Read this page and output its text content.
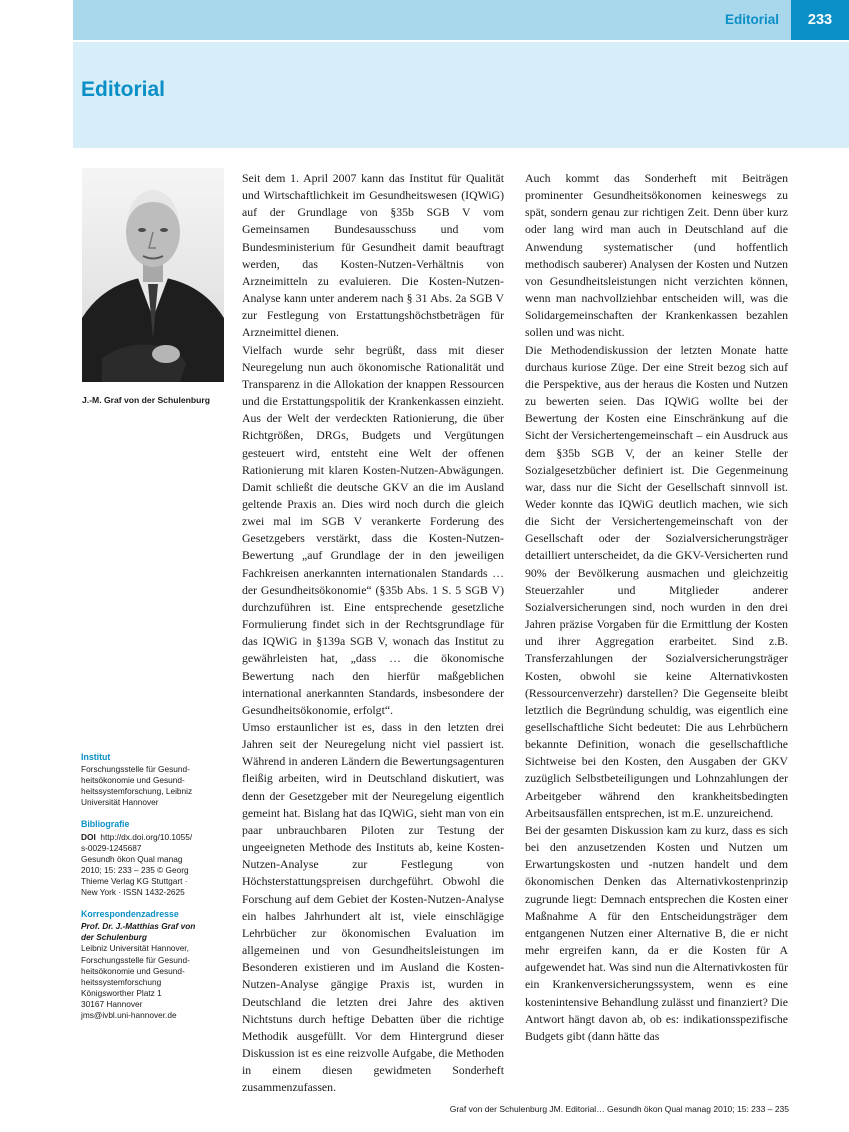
Editorial	233
Editorial
J.-M. Graf von der Schulenburg
Institut
Forschungsstelle für Gesund-
heitsökonomie und Gesund-
heitssystemforschung, Leibniz
Universität Hannover
Bibliografie
DOI http://dx.doi.org/10.1055/
s-0029-1245687
Gesundh ökon Qual manag
2010; 15: 233 – 235 © Georg
Thieme Verlag KG Stuttgart ·
New York · ISSN 1432-2625
Korrespondenzadresse
Prof. Dr. J.-Matthias Graf von
der Schulenburg
Leibniz Universität Hannover,
Forschungsstelle für Gesund-
heitsökonomie und Gesund-
heitssystemforschung
Königsworther Platz 1
30167 Hannover
jms@ivbl.uni-hannover.de

Seit dem 1. April 2007 kann das Institut für Qualität und Wirtschaftlichkeit im Gesundheitswesen (IQWiG) auf der Grundlage von §35b SGB V vom Gemeinsamen Bundesausschuss und vom Bundesministerium für Gesundheit damit beauftragt werden, das Kosten-Nutzen-Verhältnis von Arzneimitteln zu evaluieren. Die Kosten-Nutzen-Analyse kann unter anderem nach § 31 Abs. 2a SGB V zur Festlegung von Erstattungshöchstbeträgen für Arzneimittel dienen.

Vielfach wurde sehr begrüßt, dass mit dieser Neuregelung nun auch ökonomische Rationalität und Transparenz in die Allokation der knappen Ressourcen und die Erstattungspolitik der Krankenkassen einzieht. Aus der Welt der verdeckten Rationierung, die über Richtgrößen, DRGs, Budgets und Vergütungen gesteuert wird, entsteht eine Welt der offenen Rationierung mit klaren Kosten-Nutzen-Abwägungen. Damit schließt die deutsche GKV an die im Ausland geltende Praxis an. Dies wird noch durch die gleich zwei mal im SGB V verankerte Forderung des Gesetzgebers verstärkt, dass die Kosten-Nutzen-Bewertung „auf Grundlage der in den jeweiligen Fachkreisen anerkannten internationalen Standards … der Gesundheitsökonomie“ (§35b Abs. 1 S. 5 SGB V) durchzuführen ist. Eine entsprechende gesetzliche Formulierung findet sich in der Rechtsgrundlage für das IQWiG in §139a SGB V, wonach das Institut zu gewährleisten hat, „dass … die ökonomische Bewertung nach den hierfür maßgeblichen international anerkannten Standards, insbesondere der Gesundheitsökonomie, erfolgt“.

Umso erstaunlicher ist es, dass in den letzten drei Jahren seit der Neuregelung nicht viel passiert ist. Während in anderen Ländern die Bewertungsagenturen fleißig arbeiten, wird in Deutschland diskutiert, was denn der Gesetzgeber mit der Neuregelung eigentlich gemeint hat. Bislang hat das IQWiG, sieht man von ein paar unbrauchbaren Piloten zur Testung der ungeeigneten Methode des Instituts ab, keine Kosten-Nutzen-Analyse zur Festlegung von Höchsterstattungspreisen durchgeführt. Obwohl die Forschung auf dem Gebiet der Kosten-Nutzen-Analyse ein halbes Jahrhundert alt ist, viele einschlägige Lehrbücher zur ökonomischen Evaluation im allgemeinen und von Gesundheitsleistungen im Besonderen existieren und im Ausland die Kosten-Nutzen-Analyse gängige Praxis ist, wurden in Deutschland die letzten drei Jahre des aktiven Nichtstuns durch heftige Debatten über die richtige Methodik ausgefüllt. Vor dem Hintergrund dieser Diskussion ist es eine reizvolle Aufgabe, die Methoden in einem diesen gewidmeten Sonderheft zusammenzufassen.

Auch kommt das Sonderheft mit Beiträgen prominenter Gesundheitsökonomen keineswegs zu spät, sondern genau zur richtigen Zeit. Denn über kurz oder lang wird man auch in Deutschland auf die Anwendung systematischer (und hoffentlich methodisch sauberer) Analysen der Kosten und Nutzen von Gesundheitsleistungen nicht verzichten können, wenn man nachvollziehbar entscheiden will, was die Solidargemeinschaften der Krankenkassen bezahlen sollen und was nicht.

Die Methodendiskussion der letzten Monate hatte durchaus kuriose Züge. Der eine Streit bezog sich auf die Perspektive, aus der heraus die Kosten und Nutzen zu bewerten seien. Das IQWiG wollte bei der Bewertung der Kosten eine Einschränkung auf die Sicht der Versichertengemeinschaft – ein Ausdruck aus dem §35b SGB V, der an keiner Stelle der Sozialgesetzbücher definiert ist. Die Gegenmeinung war, dass nur die Sicht der Gesellschaft sinnvoll ist. Weder konnte das IQWiG deutlich machen, wie sich die Sicht der Versichertengemeinschaft von der Gesellschaft oder der Sozialversicherungsträger detailliert unterscheidet, da die GKV-Versicherten rund 90% der Bevölkerung ausmachen und gleichzeitig Steuerzahler und Mitglieder anderer Sozialversicherungen sind, noch wurden in den drei Jahren präzise Vorgaben für die Ermittlung der Kosten und ihrer Aggregation erarbeitet. Sind z.B. Transferzahlungen der Sozialversicherungsträger Kosten, obwohl sie keine Alternativkosten (Ressourcenverzehr) darstellen? Die Gegenseite bleibt letztlich die Begründung schuldig, was eigentlich eine gesellschaftliche Sicht bedeutet: Die aus Lehrbüchern bekannte Definition, wonach die gesellschaftliche Sichtweise bei den Kosten, den Ausgaben der GKV zuzüglich Selbstbeteiligungen und Lohnzahlungen der Arbeitgeber während den krankheitsbedingten Arbeitsausfällen entsprechen, ist m.E. unzureichend.

Bei der gesamten Diskussion kam zu kurz, dass es sich bei den anzusetzenden Kosten und Nutzen um Erwartungskosten und -nutzen handelt und dem ökonomischen Denken das Alternativkostenprinzip zugrunde liegt: Demnach entsprechen die Kosten einer Maßnahme A für den Entscheidungsträger dem entgangenen Nutzen einer Alternative B, die er nicht mehr ergreifen kann, da er die Kosten für A aufgewendet hat. Was sind nun die Alternativkosten für ein Krankenversicherungssystem, wenn es eine kostenintensive Behandlung zulässt und finanziert? Die Antwort hängt davon ab, ob es: indikationsspezifische Budgets gibt (dann hätte das

Graf von der Schulenburg JM. Editorial… Gesundh ökon Qual manag 2010; 15: 233 – 235
